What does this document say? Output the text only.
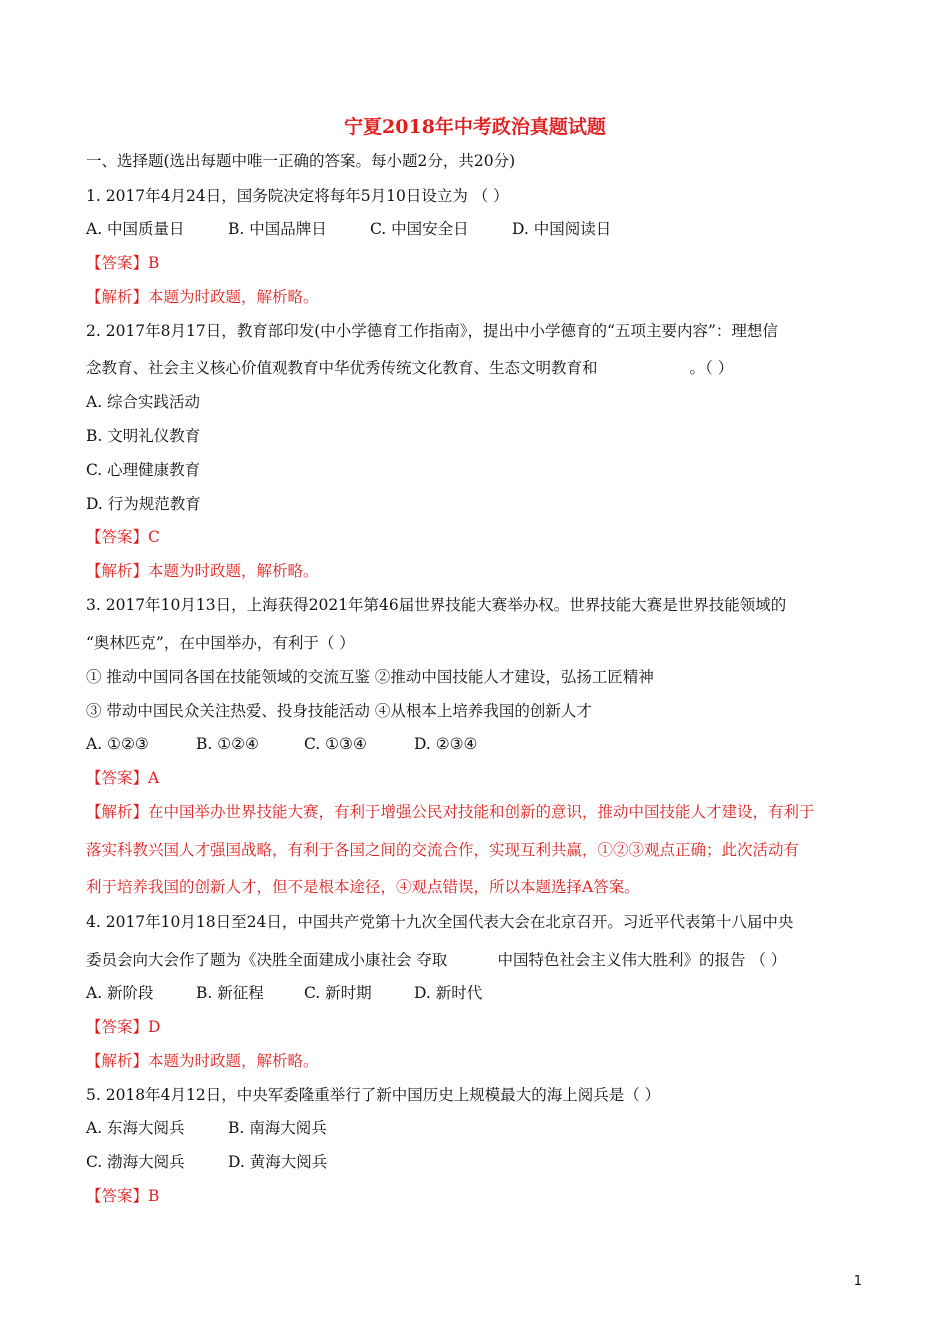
宁夏2018年中考政治真题试题
一、选择题(选出每题中唯一正确的答案。每小题2分，共20分)
1. 2017年4月24日，国务院决定将每年5月10日设立为 （ ）
A. 中国质量日	B. 中国品牌日	C. 中国安全日	D. 中国阅读日
【答案】B
【解析】本题为时政题，解析略。
2. 2017年8月17日，教育部印发(中小学德育工作指南》，提出中小学德育的“五项主要内容”：理想信
念教育、社会主义核心价值观教育中华优秀传统文化教育、生态文明教育和	。（ ）
A. 综合实践活动
B. 文明礼仪教育
C. 心理健康教育
D. 行为规范教育
【答案】C
【解析】本题为时政题，解析略。
3. 2017年10月13日，上海获得2021年第46届世界技能大赛举办权。世界技能大赛是世界技能领域的
“奥林匹克”，在中国举办，有利于（ ）
① 推动中国同各国在技能领域的交流互鉴 ②推动中国技能人才建设，弘扬工匠精神
③ 带动中国民众关注热爱、投身技能活动 ④从根本上培养我国的创新人才
A. ①②③	B. ①②④	C. ①③④	D. ②③④
【答案】A
【解析】在中国举办世界技能大赛，有利于增强公民对技能和创新的意识，推动中国技能人才建设，有利于
落实科教兴国人才强国战略，有利于各国之间的交流合作，实现互利共赢，①②③观点正确；此次活动有
利于培养我国的创新人才，但不是根本途径，④观点错误，所以本题选择A答案。
4. 2017年10月18日至24日，中国共产党第十九次全国代表大会在北京召开。习近平代表第十八届中央
委员会向大会作了题为《决胜全面建成小康社会 夺取	中国特色社会主义伟大胜利》的报告 （ ）
A. 新阶段	B. 新征程	C. 新时期	D. 新时代
【答案】D
【解析】本题为时政题，解析略。
5. 2018年4月12日，中央军委隆重举行了新中国历史上规模最大的海上阅兵是（ ）
A. 东海大阅兵	B. 南海大阅兵
C. 渤海大阅兵	D. 黄海大阅兵
【答案】B
1
